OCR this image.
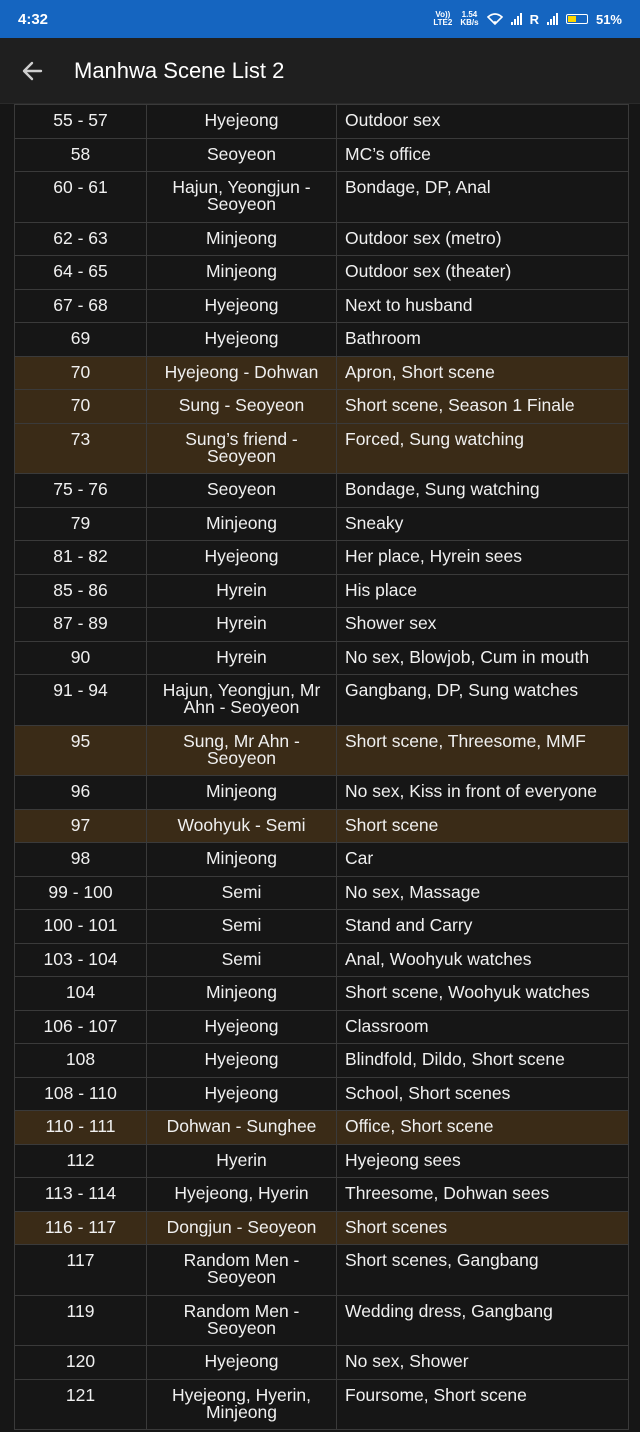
4:32	Vo))
LTE2
1.54
KB/s	R	51%
Manhwa Scene List 2
55 - 57	Hyejeong	Outdoor sex
58	Seoyeon	MC’s office
60 - 61	Hajun, Yeongjun - Seoyeon	Bondage, DP, Anal
62 - 63	Minjeong	Outdoor sex (metro)
64 - 65	Minjeong	Outdoor sex (theater)
67 - 68	Hyejeong	Next to husband
69	Hyejeong	Bathroom
70	Hyejeong - Dohwan	Apron, Short scene
70	Sung - Seoyeon	Short scene, Season 1 Finale
73	Sung’s friend - Seoyeon	Forced, Sung watching
75 - 76	Seoyeon	Bondage, Sung watching
79	Minjeong	Sneaky
81 - 82	Hyejeong	Her place, Hyrein sees
85 - 86	Hyrein	His place
87 - 89	Hyrein	Shower sex
90	Hyrein	No sex, Blowjob, Cum in mouth
91 - 94	Hajun, Yeongjun, Mr Ahn - Seoyeon	Gangbang, DP, Sung watches
95	Sung, Mr Ahn - Seoyeon	Short scene, Threesome, MMF
96	Minjeong	No sex, Kiss in front of everyone
97	Woohyuk - Semi	Short scene
98	Minjeong	Car
99 - 100	Semi	No sex, Massage
100 - 101	Semi	Stand and Carry
103 - 104	Semi	Anal, Woohyuk watches
104	Minjeong	Short scene, Woohyuk watches
106 - 107	Hyejeong	Classroom
108	Hyejeong	Blindfold, Dildo, Short scene
108 - 110	Hyejeong	School, Short scenes
110 - 111	Dohwan - Sunghee	Office, Short scene
112	Hyerin	Hyejeong sees
113 - 114	Hyejeong, Hyerin	Threesome, Dohwan sees
116 - 117	Dongjun - Seoyeon	Short scenes
117	Random Men - Seoyeon	Short scenes, Gangbang
119	Random Men - Seoyeon	Wedding dress, Gangbang
120	Hyejeong	No sex, Shower
121	Hyejeong, Hyerin, Minjeong	Foursome, Short scene
